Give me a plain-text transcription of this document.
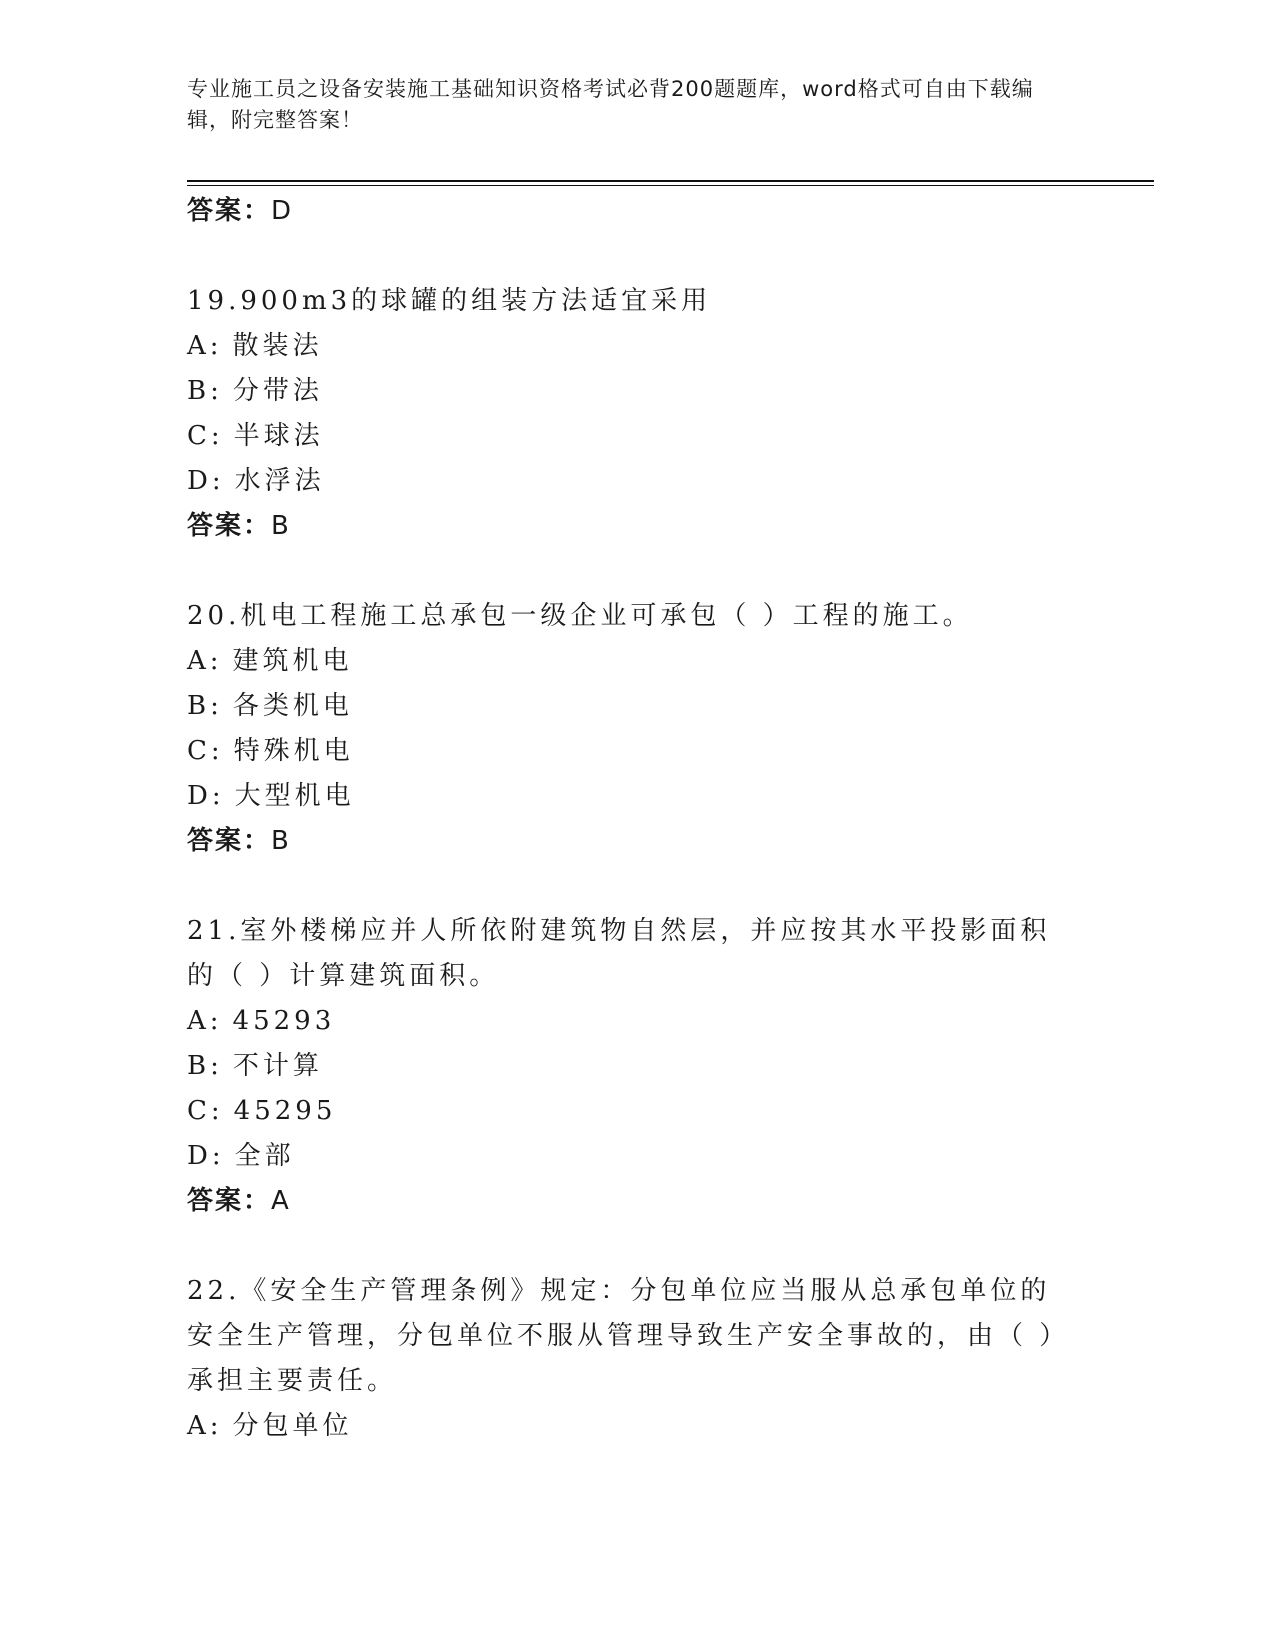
专业施工员之设备安装施工基础知识资格考试必背200题题库，word格式可自由下载编辑，附完整答案！
答案：D
19.900m3的球罐的组装方法适宜采用
A: 散装法
B: 分带法
C: 半球法
D: 水浮法
答案：B
20.机电工程施工总承包一级企业可承包（ ）工程的施工。
A: 建筑机电
B: 各类机电
C: 特殊机电
D: 大型机电
答案：B
21.室外楼梯应并人所依附建筑物自然层，并应按其水平投影面积的（ ）计算建筑面积。
A: 45293
B: 不计算
C: 45295
D: 全部
答案：A
22.《安全生产管理条例》规定：分包单位应当服从总承包单位的安全生产管理，分包单位不服从管理导致生产安全事故的，由（ ）承担主要责任。
A: 分包单位
